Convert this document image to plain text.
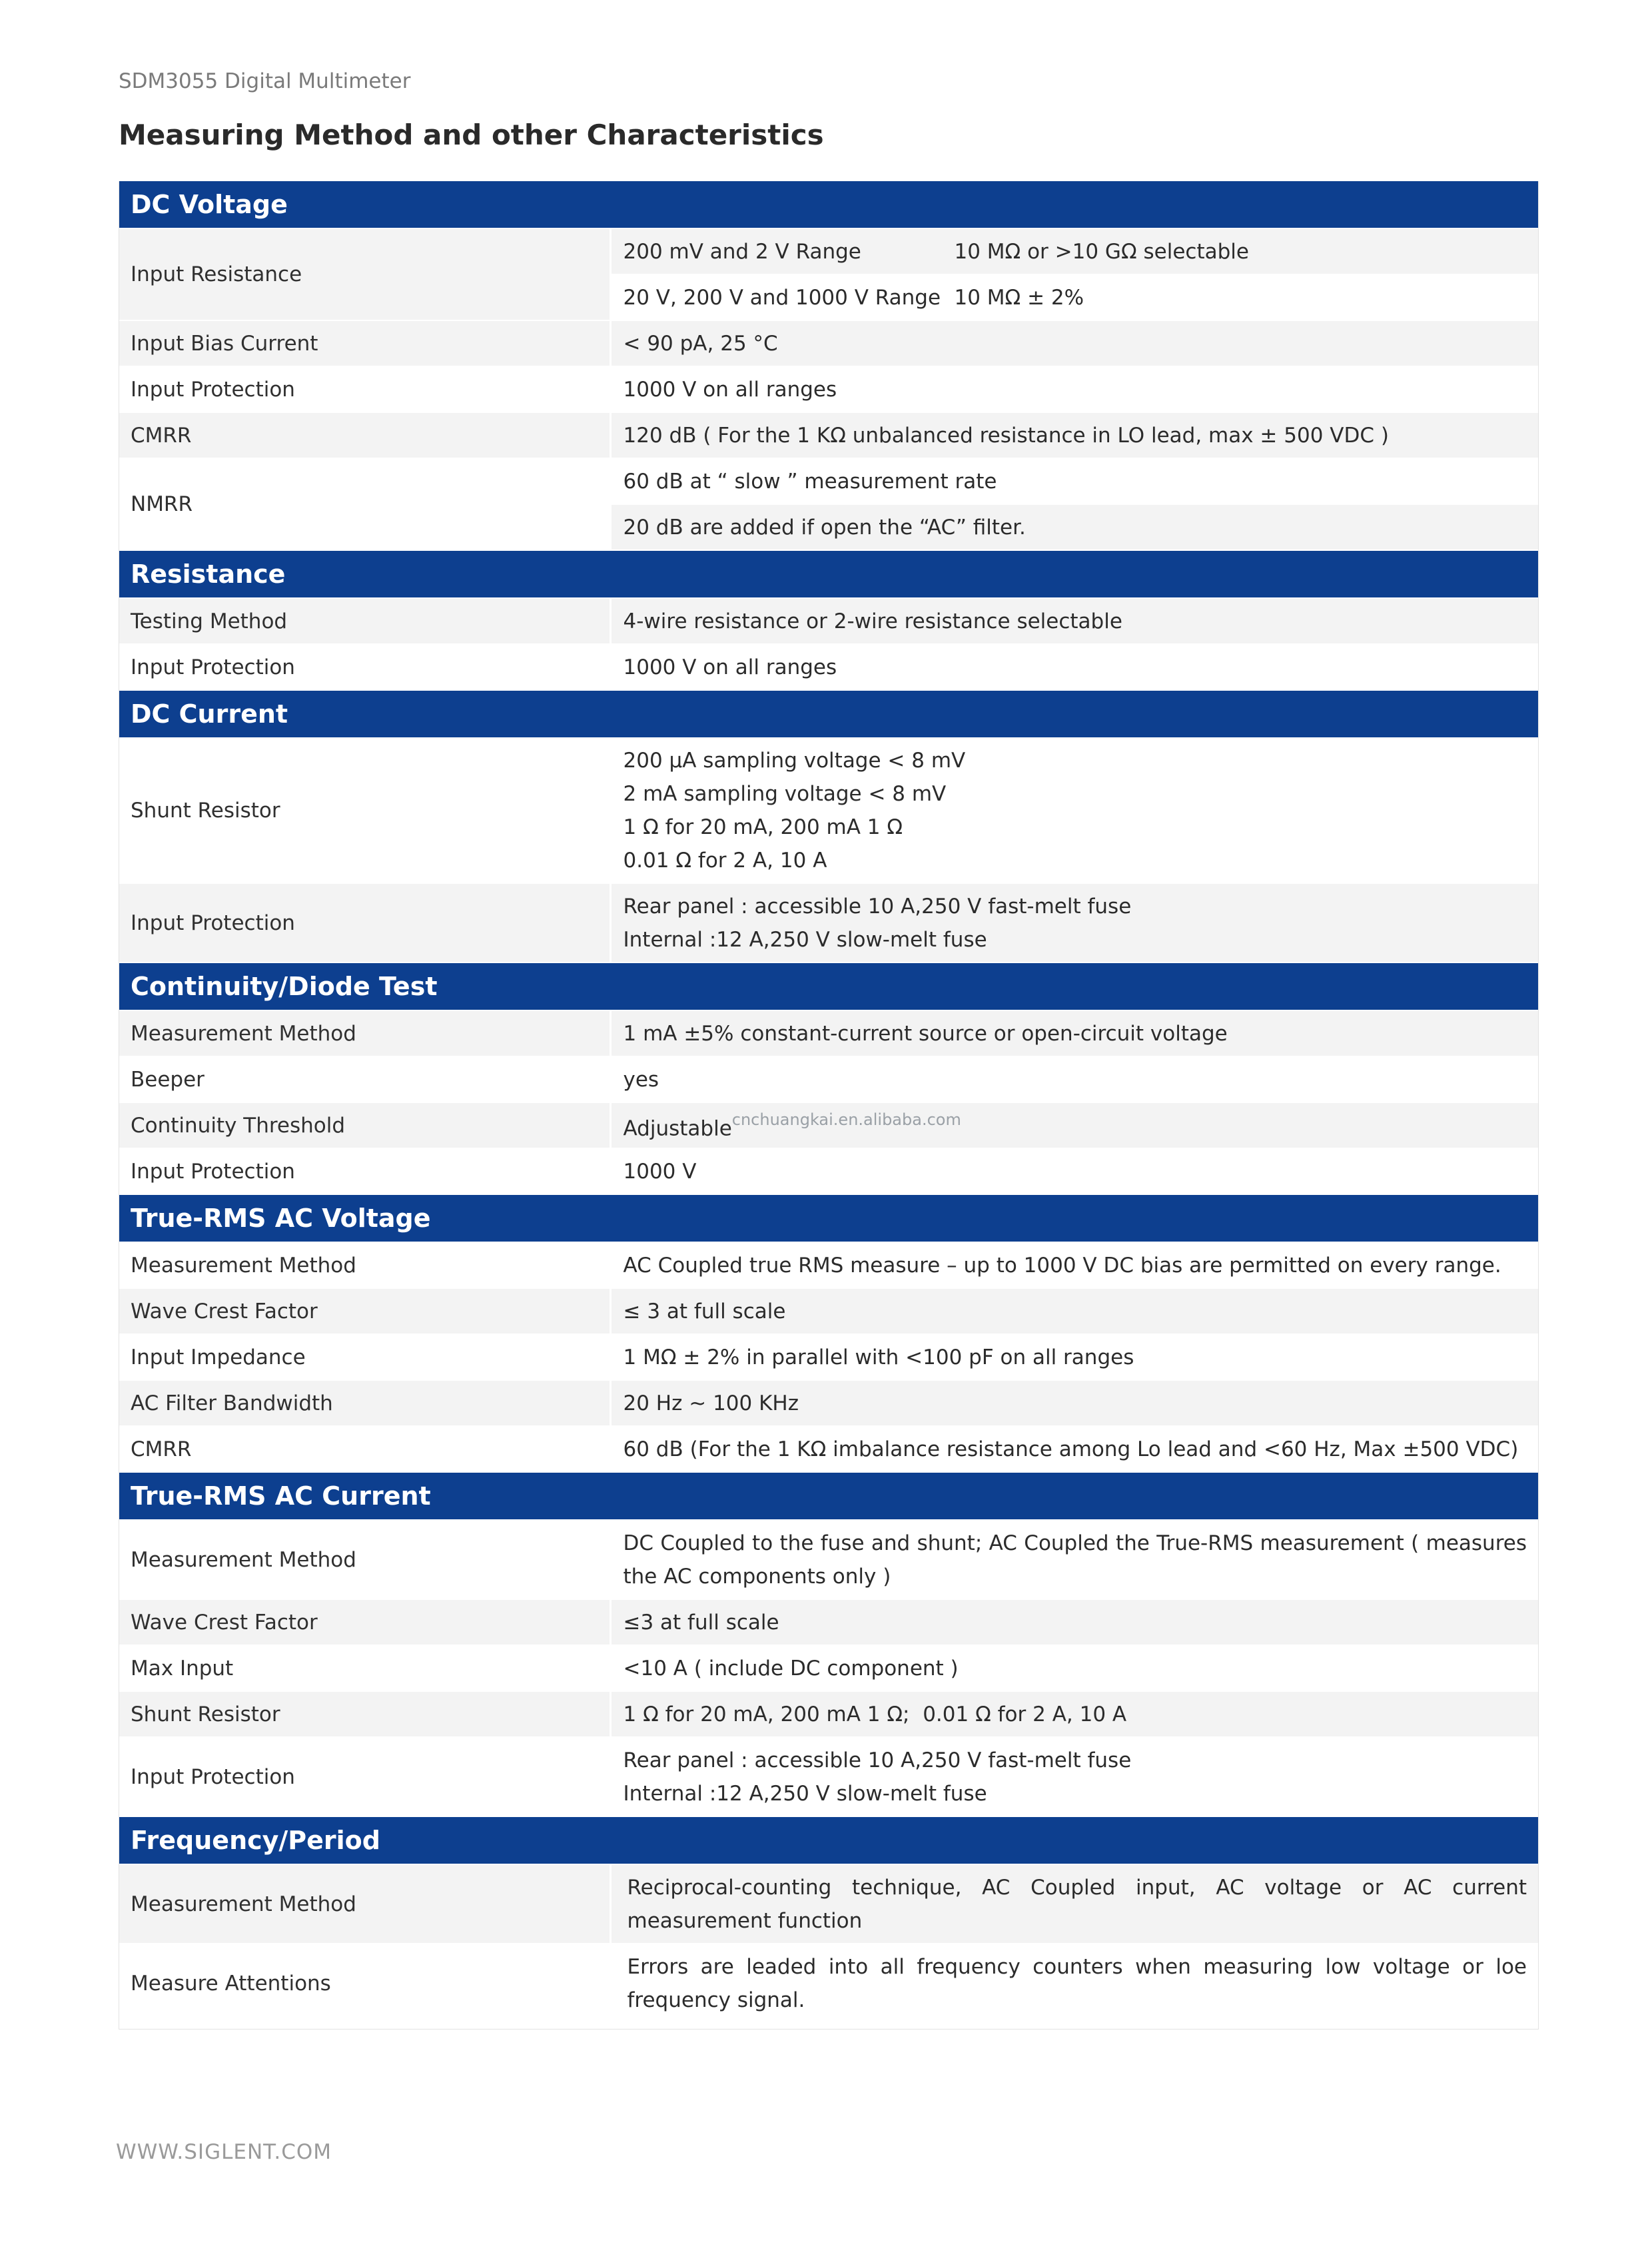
SDM3055 Digital Multimeter
Measuring Method and other Characteristics
DC Voltage	
Input Resistance	200 mV and 2 V Range 10 MΩ or >10 GΩ selectable
	20 V, 200 V and 1000 V Range 10 MΩ ± 2%
Input Bias Current	< 90 pA, 25 °C
Input Protection	1000 V on all ranges
CMRR	120 dB ( For the 1 KΩ unbalanced resistance in LO lead, max ± 500 VDC )
NMRR	60 dB at “ slow ” measurement rate
	20 dB are added if open the “AC” filter.
Resistance	
Testing Method	4-wire resistance or 2-wire resistance selectable
Input Protection	1000 V on all ranges
DC Current	
Shunt Resistor	200 μA sampling voltage < 8 mV
2 mA sampling voltage < 8 mV
1 Ω for 20 mA, 200 mA 1 Ω
0.01 Ω for 2 A, 10 A

Input Protection	Rear panel : accessible 10 A,250 V fast-melt fuse
Internal :12 A,250 V slow-melt fuse

Continuity/Diode Test	
Measurement Method	1 mA ±5% constant-current source or open-circuit voltage
Beeper	yes
Continuity Threshold	Adjustable$^{cnchuangkai.en.alibaba.com}$
Input Protection	1000 V
True-RMS AC Voltage	
Measurement Method	AC Coupled true RMS measure – up to 1000 V DC bias are permitted on every range.
Wave Crest Factor	≤ 3 at full scale
Input Impedance	1 MΩ ± 2% in parallel with <100 pF on all ranges
AC Filter Bandwidth	20 Hz ~ 100 KHz
CMRR	60 dB (For the 1 KΩ imbalance resistance among Lo lead and <60 Hz, Max ±500 VDC)
True-RMS AC Current	
Measurement Method	DC Coupled to the fuse and shunt; AC Coupled the True-RMS measurement ( measures the AC components only )
Wave Crest Factor	≤3 at full scale
Max Input	<10 A ( include DC component )
Shunt Resistor	1 Ω for 20 mA, 200 mA 1 Ω;  0.01 Ω for 2 A, 10 A
Input Protection	Rear panel : accessible 10 A,250 V fast-melt fuse
Internal :12 A,250 V slow-melt fuse

Frequency/Period	
Measurement Method	Reciprocal-counting technique, AC Coupled input, AC voltage or AC current measurement function
Measure Attentions	Errors are leaded into all frequency counters when measuring low voltage or loe frequency signal.
WWW.SIGLENT.COM
